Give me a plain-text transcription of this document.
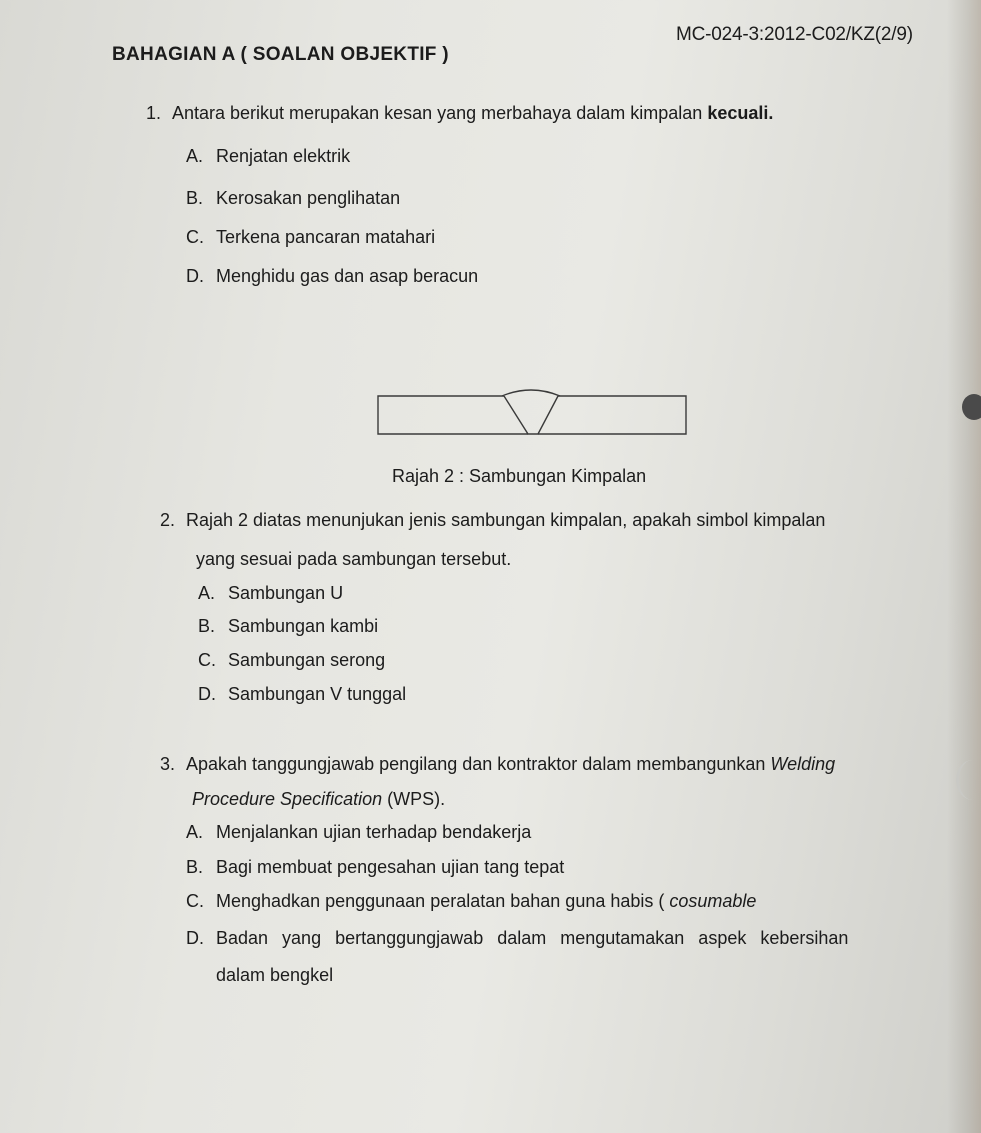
MC-024-3:2012-C02/KZ(2/9)
BAHAGIAN A ( SOALAN OBJEKTIF )
1. Antara berikut merupakan kesan yang merbahaya dalam kimpalan kecuali.
A. Renjatan elektrik
B. Kerosakan penglihatan
C. Terkena pancaran matahari
D. Menghidu gas dan asap beracun
Rajah 2 : Sambungan Kimpalan
2. Rajah 2 diatas menunjukan jenis sambungan kimpalan, apakah simbol kimpalan
yang sesuai pada sambungan tersebut.
A. Sambungan U
B. Sambungan kambi
C. Sambungan serong
D. Sambungan V tunggal
3. Apakah tanggungjawab pengilang dan kontraktor dalam membangunkan Welding
Procedure Specification (WPS).
A. Menjalankan ujian terhadap bendakerja
B. Bagi membuat pengesahan ujian tang tepat
C. Menghadkan penggunaan peralatan bahan guna habis ( cosumable
D. Badan yang bertanggungjawab dalam mengutamakan aspek kebersihan
dalam bengkel
